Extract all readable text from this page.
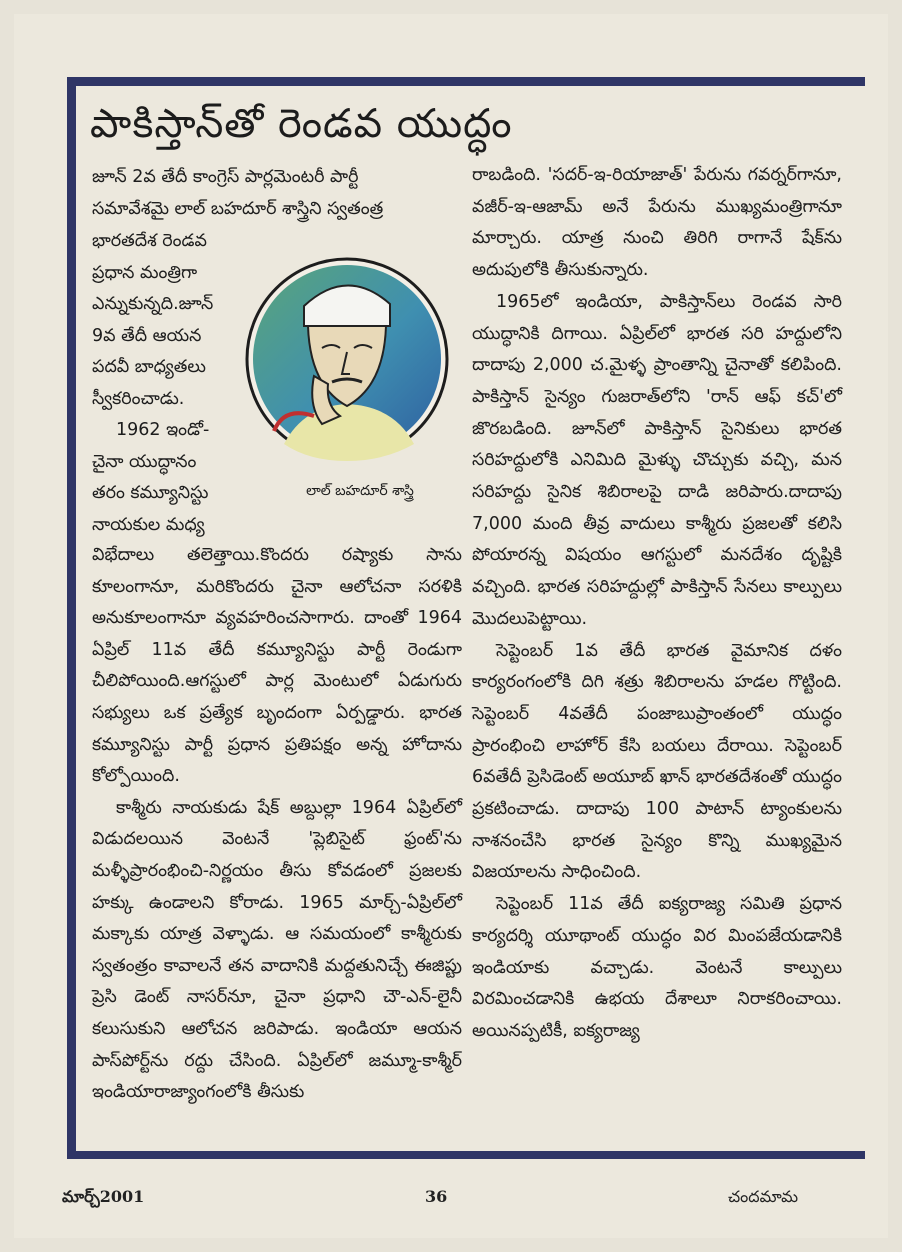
పాకిస్తాన్‌తో రెండవ యుద్ధం

జూన్ 2వ తేదీ కాంగ్రెస్ పార్లమెంటరీ పార్టీ

సమావేశమై లాల్ బహదూర్ శాస్త్రిని స్వతంత్ర

భారతదేశ రెండవ

ప్రధాన మంత్రిగా

ఎన్నుకున్నది.జూన్

9వ తేదీ ఆయన

పదవీ బాధ్యతలు

స్వీకరించాడు.

1962 ఇండో-

చైనా యుద్ధానం

తరం కమ్యూనిస్టు

నాయకుల మధ్య

లాల్ బహదూర్ శాస్త్రి

విభేదాలు తలెత్తాయి.కొందరు రష్యాకు సాను కూలంగానూ, మరికొందరు చైనా ఆలోచనా సరళికి అనుకూలంగానూ వ్యవహరించసాగారు. దాంతో 1964 ఏప్రిల్ 11వ తేదీ కమ్యూనిస్టు పార్టీ రెండుగా చీలిపోయింది.ఆగస్టులో పార్ల మెంటులో ఏడుగురు సభ్యులు ఒక ప్రత్యేక బృందంగా ఏర్పడ్డారు. భారత కమ్యూనిస్టు పార్టీ ప్రధాన ప్రతిపక్షం అన్న హోదాను కోల్పోయింది.

కాశ్మీరు నాయకుడు షేక్ అబ్దుల్లా 1964 ఏప్రిల్‌లో విడుదలయిన వెంటనే 'ప్లెబిసైట్ ఫ్రంట్'ను మళ్ళీప్రారంభించి-నిర్ణయం తీసు కోవడంలో ప్రజలకు హక్కు ఉండాలని కోరాడు. 1965 మార్చ్-ఏప్రిల్‌లో మక్కాకు యాత్ర వెళ్ళాడు. ఆ సమయంలో కాశ్మీరుకు స్వతంత్రం కావాలనే తన వాదానికి మద్దతునిచ్చే ఈజిప్టు ప్రెసి డెంట్ నాసర్‌నూ, చైనా ప్రధాని చౌ-ఎన్-లైనీ కలుసుకుని ఆలోచన జరిపాడు. ఇండియా ఆయన పాస్‌పోర్ట్‌ను రద్దు చేసింది. ఏప్రిల్‌లో జమ్మూ-కాశ్మీర్ ఇండియారాజ్యాంగంలోకి తీసుకు

రాబడింది. 'సదర్-ఇ-రియాజాత్' పేరును గవర్నర్‌గానూ, వజీర్-ఇ-ఆజామ్ అనే పేరును ముఖ్యమంత్రిగానూ మార్చారు. యాత్ర నుంచి తిరిగి రాగానే షేక్‌ను అదుపులోకి తీసుకున్నారు.

1965లో ఇండియా, పాకిస్తాన్‌లు రెండవ సారి యుద్ధానికి దిగాయి. ఏప్రిల్‌లో భారత సరి హద్దులోని దాదాపు 2,000 చ.మైళ్ళ ప్రాంతాన్ని చైనాతో కలిపింది. పాకిస్తాన్ సైన్యం గుజరాత్‌లోని 'రాన్ ఆఫ్ కచ్'లో జొరబడింది. జూన్‌లో పాకిస్తాన్ సైనికులు భారత సరిహద్దులోకి ఎనిమిది మైళ్ళు చొచ్చుకు వచ్చి, మన సరిహద్దు సైనిక శిబిరాలపై దాడి జరిపారు.దాదాపు 7,000 మంది తీవ్ర వాదులు కాశ్మీరు ప్రజలతో కలిసి పోయారన్న విషయం ఆగస్టులో మనదేశం దృష్టికి వచ్చింది. భారత సరిహద్దుల్లో పాకిస్తాన్ సేనలు కాల్పులు మొదలుపెట్టాయి.

సెప్టెంబర్ 1వ తేదీ భారత వైమానిక దళం కార్యరంగంలోకి దిగి శత్రు శిబిరాలను హడల గొట్టింది. సెప్టెంబర్ 4వతేదీ పంజాబుప్రాంతంలో యుద్ధం ప్రారంభించి లాహోర్ కేసి బయలు దేరాయి. సెప్టెంబర్ 6వతేదీ ప్రెసిడెంట్ అయూబ్ ఖాన్ భారతదేశంతో యుద్ధం ప్రకటించాడు. దాదాపు 100 పాటాన్ ట్యాంకులను నాశనంచేసి భారత సైన్యం కొన్ని ముఖ్యమైన విజయాలను సాధించింది.

సెప్టెంబర్ 11వ తేదీ ఐక్యరాజ్య సమితి ప్రధాన కార్యదర్శి యూథాంట్ యుద్ధం విర మింపజేయడానికి ఇండియాకు వచ్చాడు. వెంటనే కాల్పులు విరమించడానికి ఉభయ దేశాలూ నిరాకరించాయి. అయినప్పటికీ, ఐక్యరాజ్య

మార్చ్2001	36	చందమామ
